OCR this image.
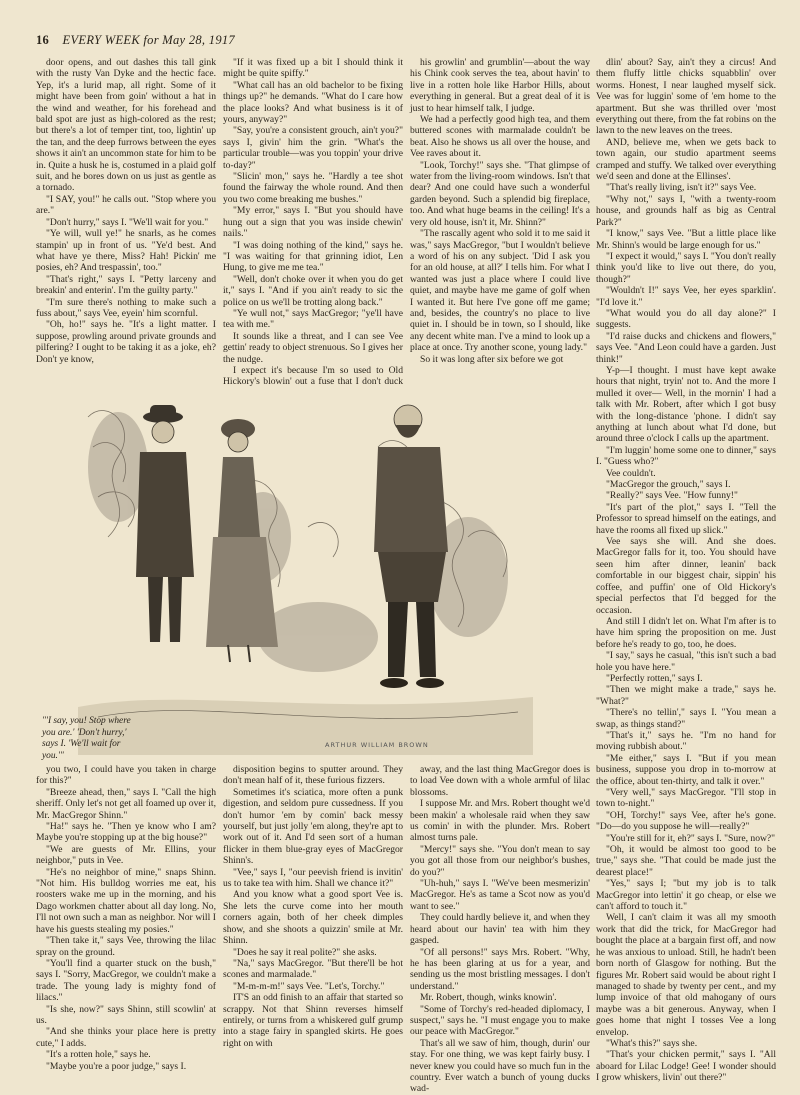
16 EVERY WEEK for May 28, 1917

door opens, and out dashes this tall gink with the rusty Van Dyke and the hectic face. Yep, it's a lurid map, all right. Some of it might have been from goin' without a hat in the wind and weather, for his forehead and bald spot are just as high-colored as the rest; but there's a lot of temper tint, too, lightin' up the tan, and the deep furrows between the eyes shows it ain't an uncommon state for him to be in. Quite a husk he is, costumed in a plaid golf suit, and he bores down on us just as gentle as a tornado.

"I SAY, you!" he calls out. "Stop where you are."

"Don't hurry," says I. "We'll wait for you."

"Ye will, wull ye!" he snarls, as he comes stampin' up in front of us. "Ye'd best. And what have ye there, Miss? Hah! Pickin' me posies, eh? And trespassin', too."

"That's right," says I. "Petty larceny and breakin' and enterin'. I'm the guilty party."

"I'm sure there's nothing to make such a fuss about," says Vee, eyein' him scornful.

"Oh, ho!" says he. "It's a light matter. I suppose, prowling around private grounds and pilfering? I ought to be taking it as a joke, eh? Don't ye know,

"If it was fixed up a bit I should think it might be quite spiffy."

"What call has an old bachelor to be fixing things up?" he demands. "What do I care how the place looks? And what business is it of yours, anyway?"

"Say, you're a consistent grouch, ain't you?" says I, givin' him the grin. "What's the particular trouble—was you toppin' your drive to-day?"

"Slicin' mon," says he. "Hardly a tee shot found the fairway the whole round. And then you two come breaking me bushes."

"My error," says I. "But you should have hung out a sign that you was inside chewin' nails."

"I was doing nothing of the kind," says he. "I was waiting for that grinning idiot, Len Hung, to give me me tea."

"Well, don't choke over it when you do get it," says I. "And if you ain't ready to sic the police on us we'll be trotting along back."

"Ye wull not," says MacGregor; "ye'll have tea with me."

It sounds like a threat, and I can see Vee gettin' ready to object strenuous. So I gives her the nudge.

I expect it's because I'm so used to Old Hickory's blowin' out a fuse that I don't duck

his growlin' and grumblin'—about the way his Chink cook serves the tea, about havin' to live in a rotten hole like Harbor Hills, about everything in general. But a great deal of it is just to hear himself talk, I judge.

We had a perfectly good high tea, and them buttered scones with marmalade couldn't be beat. Also he shows us all over the house, and Vee raves about it.

"Look, Torchy!" says she. "That glimpse of water from the living-room windows. Isn't that dear? And one could have such a wonderful garden beyond. Such a splendid big fireplace, too. And what huge beams in the ceiling! It's a very old house, isn't it, Mr. Shinn?"

"The rascally agent who sold it to me said it was," says MacGregor, "but I wouldn't believe a word of his on any subject. 'Did I ask you for an old house, at all?' I tells him. For what I wanted was just a place where I could live quiet, and maybe have me game of golf when I wanted it. But here I've gone off me game; and, besides, the country's no place to live quiet in. I should be in town, so I should, like any decent white man. I've a mind to look up a place at once. Try another scone, young lady."

So it was long after six before we got

dlin' about? Say, ain't they a circus! And them fluffy little chicks squabblin' over worms. Honest, I near laughed myself sick. Vee was for luggin' some of 'em home to the apartment. But she was thrilled over 'most everything out there, from the fat robins on the lawn to the new leaves on the trees.

AND, believe me, when we gets back to town again, our studio apartment seems cramped and stuffy. We talked over everything we'd seen and done at the Ellinses'.

"That's really living, isn't it?" says Vee.

"Why not," says I, "with a twenty-room house, and grounds half as big as Central Park?"

"I know," says Vee. "But a little place like Mr. Shinn's would be large enough for us."

"I expect it would," says I. "You don't really think you'd like to live out there, do you, though?"

"Wouldn't I!" says Vee, her eyes sparklin'. "I'd love it."

"What would you do all day alone?" I suggests.

"I'd raise ducks and chickens and flowers," says Vee. "And Leon could have a garden. Just think!"

Y-p—I thought. I must have kept awake hours that night, tryin' not to. And the more I mulled it over— Well, in the mornin' I had a talk with Mr. Robert, after which I got busy with the long-distance 'phone. I didn't say anything at lunch about what I'd done, but around three o'clock I calls up the apartment.

"I'm luggin' home some one to dinner," says I. "Guess who?"

Vee couldn't.

"MacGregor the grouch," says I.

"Really?" says Vee. "How funny!"

"It's part of the plot," says I. "Tell the Professor to spread himself on the eatings, and have the rooms all fixed up slick."

Vee says she will. And she does. MacGregor falls for it, too. You should have seen him after dinner, leanin' back comfortable in our biggest chair, sippin' his coffee, and puffin' one of Old Hickory's special perfectos that I'd begged for the occasion.

And still I didn't let on. What I'm after is to have him spring the proposition on me. Just before he's ready to go, too, he does.

"I say," says he casual, "this isn't such a bad hole you have here."

"Perfectly rotten," says I.

"Then we might make a trade," says he. "What?"

"There's no tellin'," says I. "You mean a swap, as things stand?"

"That's it," says he. "I'm no hand for moving rubbish about."

"Me either," says I. "But if you mean business, suppose you drop in to-morrow at the office, about ten-thirty, and talk it over."

"Very well," says MacGregor. "I'll stop in town to-night."

"OH, Torchy!" says Vee, after he's gone. "Do—do you suppose he will—really?"

"You're still for it, eh?" says I. "Sure, now?"

"Oh, it would be almost too good to be true," says she. "That could be made just the dearest place!"

"Yes," says I; "but my job is to talk MacGregor into lettin' it go cheap, or else we can't afford to touch it."

Well, I can't claim it was all my smooth work that did the trick, for MacGregor had bought the place at a bargain first off, and now he was anxious to unload. Still, he hadn't been born north of Glasgow for nothing. But the figures Mr. Robert said would be about right I managed to shade by twenty per cent., and my lump invoice of that old mahogany of ours maybe was a bit generous. Anyway, when I goes home that night I tosses Vee a long envelop.

"What's this?" says she.

"That's your chicken permit," says I. "All aboard for Lilac Lodge! Gee! I wonder should I grow whiskers, livin' out there?"

"'I say, you! Stop where you are.' 'Don't hurry,' says I. 'We'll wait for you.'"
ARTHUR WILLIAM BROWN

you two, I could have you taken in charge for this?"

"Breeze ahead, then," says I. "Call the high sheriff. Only let's not get all foamed up over it, Mr. MacGregor Shinn."

"Ha!" says he. "Then ye know who I am? Maybe you're stopping up at the big house?"

"We are guests of Mr. Ellins, your neighbor," puts in Vee.

"He's no neighbor of mine," snaps Shinn. "Not him. His bulldog worries me eat, his roosters wake me up in the morning, and his Dago workmen chatter about all day long. No, I'll not own such a man as neighbor. Nor will I have his guests stealing my posies."

"Then take it," says Vee, throwing the lilac spray on the ground.

"You'll find a quarter stuck on the bush," says I. "Sorry, MacGregor, we couldn't make a trade. The young lady is mighty fond of lilacs."

"Is she, now?" says Shinn, still scowlin' at us.

"And she thinks your place here is pretty cute," I adds.

"It's a rotten hole," says he.

"Maybe you're a poor judge," says I.

disposition begins to sputter around. They don't mean half of it, these furious fizzers.

Sometimes it's sciatica, more often a punk digestion, and seldom pure cussedness. If you don't humor 'em by comin' back messy yourself, but just jolly 'em along, they're apt to work out of it. And I'd seen sort of a human flicker in them blue-gray eyes of MacGregor Shinn's.

"Vee," says I, "our peevish friend is invitin' us to take tea with him. Shall we chance it?"

And you know what a good sport Vee is. She lets the curve come into her mouth corners again, both of her cheek dimples show, and she shoots a quizzin' smile at Mr. Shinn.

"Does he say it real polite?" she asks.

"Na," says MacGregor. "But there'll be hot scones and marmalade."

"M-m-m-m!" says Vee. "Let's, Torchy."

IT'S an odd finish to an affair that started so scrappy. Not that Shinn reverses himself entirely, or turns from a whiskered gulf grump into a stage fairy in spangled skirts. He goes right on with

away, and the last thing MacGregor does is to load Vee down with a whole armful of lilac blossoms.

I suppose Mr. and Mrs. Robert thought we'd been makin' a wholesale raid when they saw us comin' in with the plunder. Mrs. Robert almost turns pale.

"Mercy!" says she. "You don't mean to say you got all those from our neighbor's bushes, do you?"

"Uh-huh," says I. "We've been mesmerizin' MacGregor. He's as tame a Scot now as you'd want to see."

They could hardly believe it, and when they heard about our havin' tea with him they gasped.

"Of all persons!" says Mrs. Robert. "Why, he has been glaring at us for a year, and sending us the most bristling messages. I don't understand."

Mr. Robert, though, winks knowin'.

"Some of Torchy's red-headed diplomacy, I suspect," says he. "I must engage you to make our peace with MacGregor."

That's all we saw of him, though, durin' our stay. For one thing, we was kept fairly busy. I never knew you could have so much fun in the country. Ever watch a bunch of young ducks wad-
